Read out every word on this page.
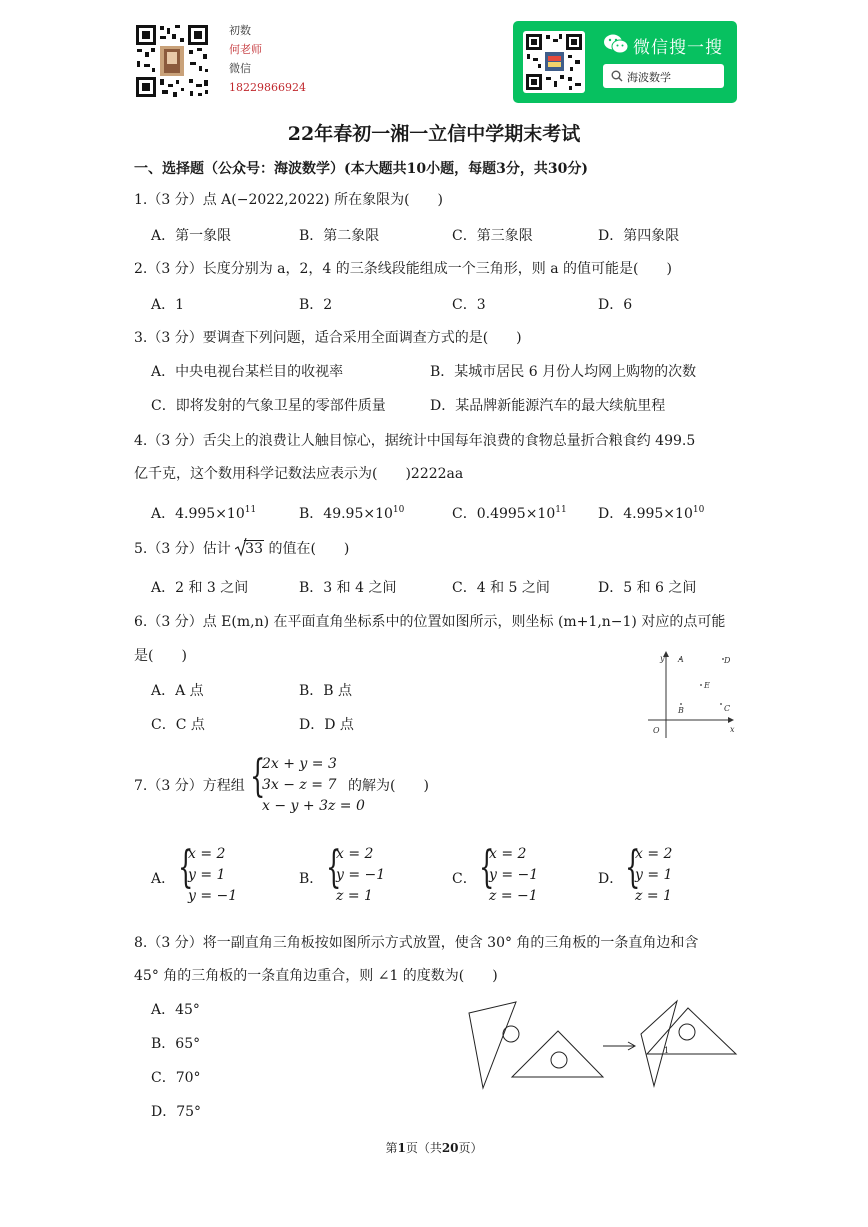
初数
何老师
微信
18229866924
微信搜一搜
海波数学
22年春初一湘一立信中学期末考试
一、选择题（公众号：海波数学）(本大题共10小题，每题3分，共30分)
1.（3 分）点 A(−2022,2022) 所在象限为(　　)
A．第一象限	B．第二象限	C．第三象限	D．第四象限
2.（3 分）长度分别为 a，2，4 的三条线段能组成一个三角形，则 a 的值可能是(　　)
A．1	B．2	C．3	D．6
3.（3 分）要调查下列问题，适合采用全面调查方式的是(　　)
A．中央电视台某栏目的收视率	B．某城市居民 6 月份人均网上购物的次数
C．即将发射的气象卫星的零部件质量	D．某品牌新能源汽车的最大续航里程
4.（3 分）舌尖上的浪费让人触目惊心，据统计中国每年浪费的食物总量折合粮食约 499.5
亿千克，这个数用科学记数法应表示为(　　)2222aa
A．$4.995\times 10^{11}$	B．$49.95\times 10^{10}$	C．$0.4995\times 10^{11}$ D．$4.995\times 10^{10}$
5.（3 分）估计 33 的值在(　　)
A．2 和 3 之间	B．3 和 4 之间	C．4 和 5 之间	D．5 和 6 之间
6.（3 分）点 E(m,n) 在平面直角坐标系中的位置如图所示，则坐标 (m+1,n−1) 对应的点可能
是(　　)
A．A 点	B．B 点
C．C 点	D．D 点
y
x
O
A	D
E
B	C
7.（3 分）方程组 {
2x + y = 3
3x − z = 7
x − y + 3z = 0
的解为(　　)
A． {
x = 2
y = 1
y = −1
B． {
x = 2
y = −1
z = 1
C． {
x = 2
y = −1
z = −1
D． {
x = 2
y = 1
z = 1
8.（3 分）将一副直角三角板按如图所示方式放置，使含 30° 角的三角板的一条直角边和含
45° 角的三角板的一条直角边重合，则 ∠1 的度数为(　　)
A．45°
B．65°
C．70°
D．75°
1
第1页（共20页）
